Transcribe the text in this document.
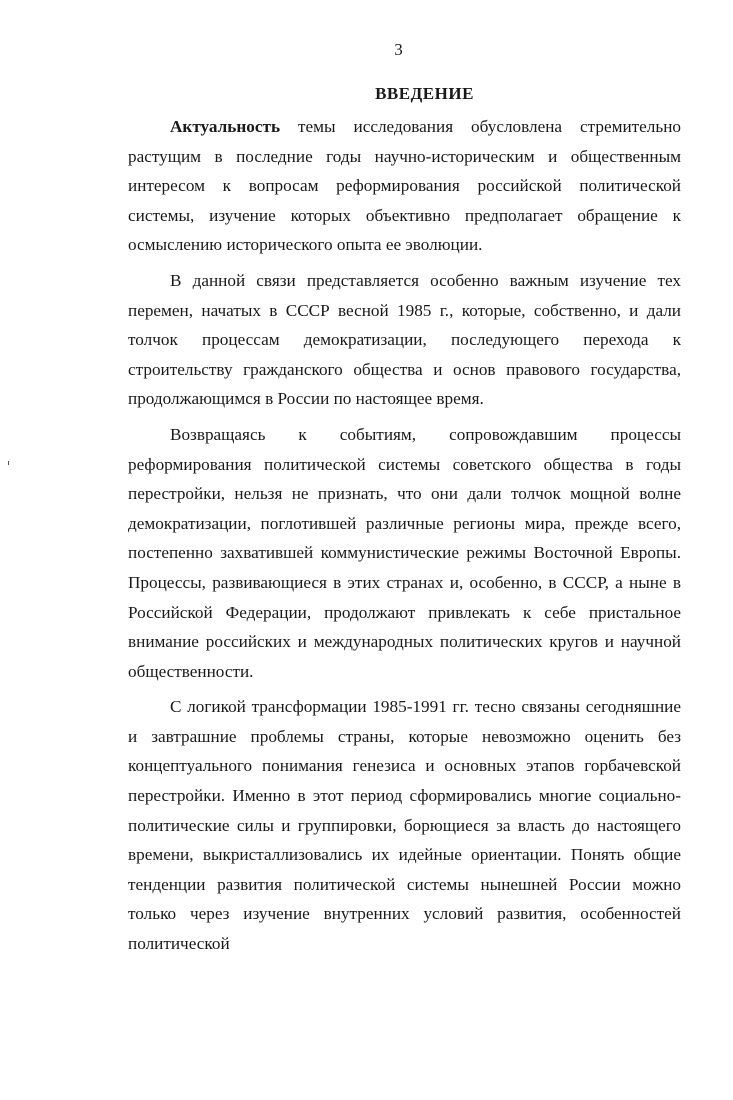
3
ВВЕДЕНИЕ

Актуальность темы исследования обусловлена стремительно растущим в последние годы научно-историческим и общественным интересом к вопросам реформирования российской политической системы, изучение которых объективно предполагает обращение к осмыслению исторического опыта ее эволюции.

В данной связи представляется особенно важным изучение тех перемен, начатых в СССР весной 1985 г., которые, собственно, и дали толчок процессам демократизации, последующего перехода к строительству гражданского общества и основ правового государства, продолжающимся в России по настоящее время.

Возвращаясь к событиям, сопровождавшим процессы реформирования политической системы советского общества в годы перестройки, нельзя не признать, что они дали толчок мощной волне демократизации, поглотившей различные регионы мира, прежде всего, постепенно захватившей коммунистические режимы Восточной Европы. Процессы, развивающиеся в этих странах и, особенно, в СССР, а ныне в Российской Федерации, продолжают привлекать к себе пристальное внимание российских и международных политических кругов и научной общественности.

С логикой трансформации 1985-1991 гг. тесно связаны сегодняшние и завтрашние проблемы страны, которые невозможно оценить без концептуального понимания генезиса и основных этапов горбачевской перестройки. Именно в этот период сформировались многие социально-политические силы и группировки, борющиеся за власть до настоящего времени, выкристаллизовались их идейные ориентации. Понять общие тенденции развития политической системы нынешней России можно только через изучение внутренних условий развития, особенностей политической
